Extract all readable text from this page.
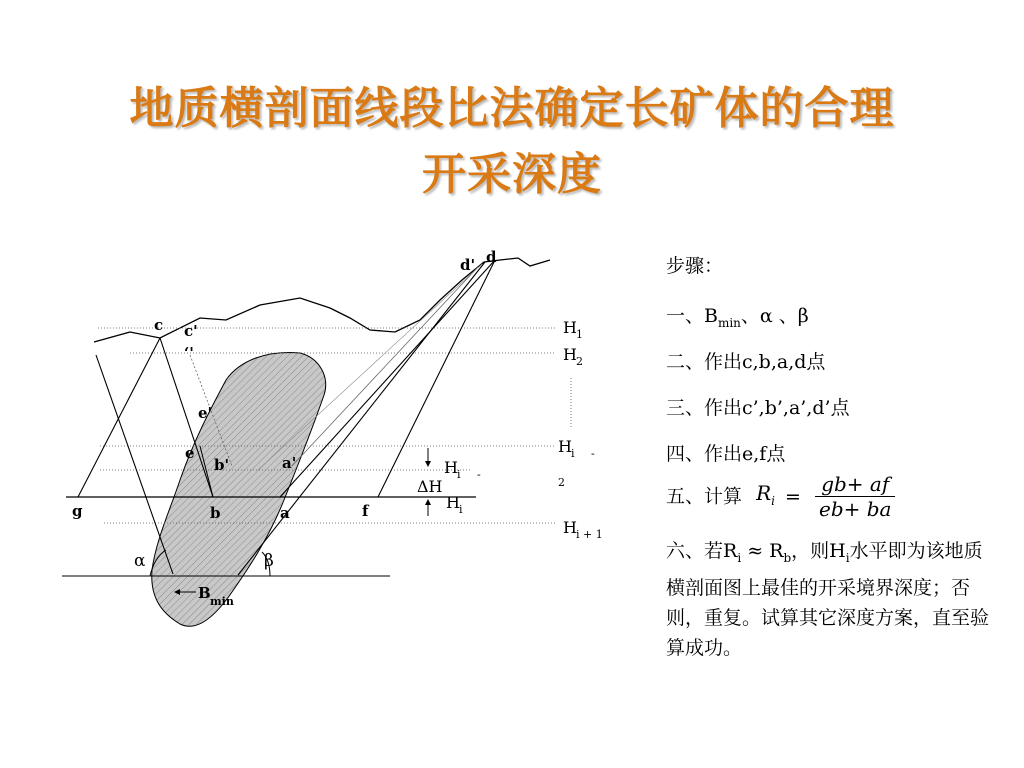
地质横剖面线段比法确定长矿体的合理
开采深度
d' d
c c'
‘'
e'
e
b'	a'
g	b	a	f
B min
α	β
H 1
H 2
H i -
2
H i -
ΔH
H i
H i + 1
步骤：
一、$B_{min}$、α 、β
二、作出c,b,a,d点
三、作出c’,b’,a’,d’点
四、作出e,f点
五、计算 $R_i = \frac{gb+ af}{eb+ ba}$
六、若$R_i \approx R_b$，则$H_i$水平即为该地质横剖面图上最佳的开采境界深度；否则，重复。试算其它深度方案，直至验算成功。
